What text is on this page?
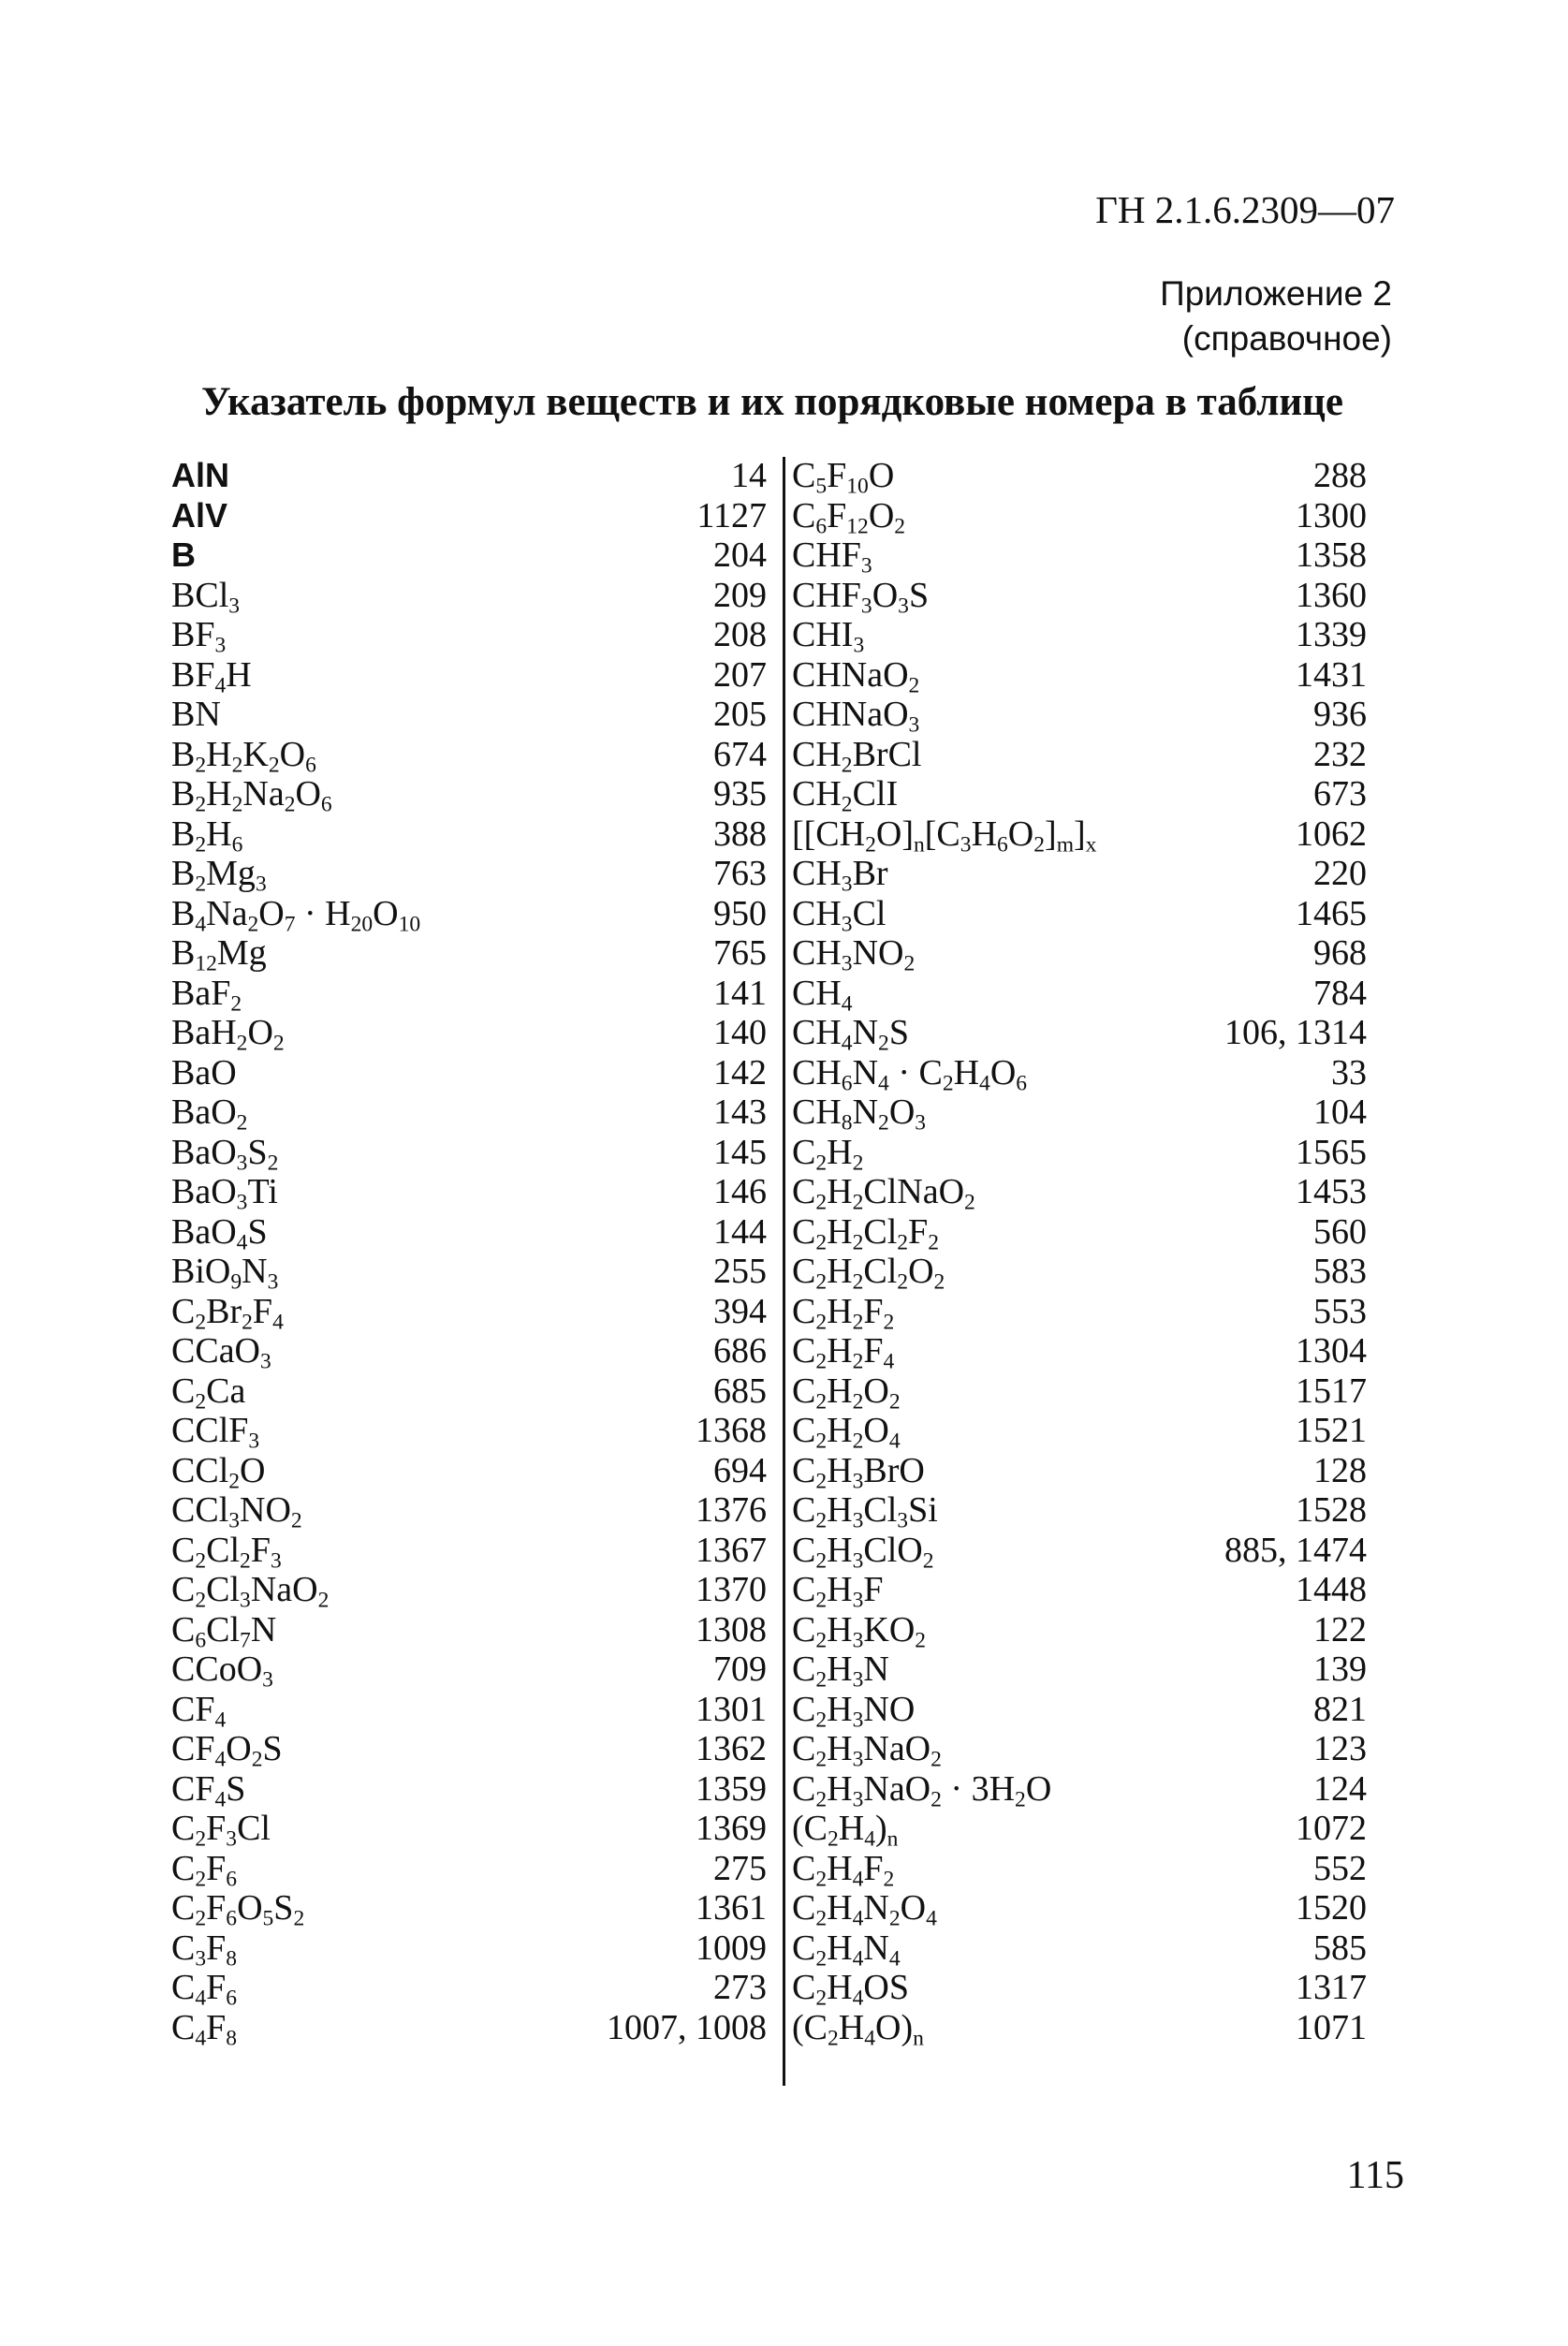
ГН 2.1.6.2309—07
Приложение 2
(справочное)
Указатель формул веществ и их порядковые номера в таблице
AlN	14
AlV	1127
B	204
BCl$_3$	209
$BF_3$	208
$BF_4H$	207
BN	205
$B_2H_2K_2O_6$	674
$B_2H_2Na_2O_6$	935
$B_2H_6$	388
$B_2Mg_3$	763
$B_4Na_2O_7 \cdot H_{20}O_{10}$	950
$B_{12}Mg$	765
BaF$_2$	141
$BaH_2O_2$	140
BaO	142
BaO$_2$	143
$BaO_3S_2$	145
BaO$_3$Ti	146
BaO$_4$S	144
$BiO_9N_3$	255
$C_2Br_2F_4$	394
CCaO$_3$	686
$C_2Ca$	685
CClF$_3$	1368
CCl$_2$O	694
$CCl_3NO_2$	1376
$C_2Cl_2F_3$	1367
$C_2Cl_3NaO_2$	1370
$C_6Cl_7N$	1308
CCoO$_3$	709
$CF_4$	1301
$CF_4O_2S$	1362
$CF_4S$	1359
$C_2F_3Cl$	1369
$C_2F_6$	275
$C_2F_6O_5S_2$	1361
$C_3F_8$	1009
$C_4F_6$	273
$C_4F_8$	1007, 1008
$C_5F_{10}O$	288
$C_6F_{12}O_2$	1300
$CHF_3$	1358
$CHF_3O_3S$	1360
$CHI_3$	1339
CHNaO$_2$	1431
CHNaO$_3$	936
$CH_2BrCl$	232
$CH_2ClI$	673
$[[CH_2O]_n[C_3H_6O_2]_m]_x$	1062
$CH_3Br$	220
$CH_3Cl$	1465
$CH_3NO_2$	968
$CH_4$	784
$CH_4N_2S$	106, 1314
$CH_6N_4 \cdot C_2H_4O_6$	33
$CH_8N_2O_3$	104
$C_2H_2$	1565
$C_2H_2ClNaO_2$	1453
$C_2H_2Cl_2F_2$	560
$C_2H_2Cl_2O_2$	583
$C_2H_2F_2$	553
$C_2H_2F_4$	1304
$C_2H_2O_2$	1517
$C_2H_2O_4$	1521
$C_2H_3BrO$	128
$C_2H_3Cl_3Si$	1528
$C_2H_3ClO_2$	885, 1474
$C_2H_3F$	1448
$C_2H_3KO_2$	122
$C_2H_3N$	139
$C_2H_3NO$	821
$C_2H_3NaO_2$	123
$C_2H_3NaO_2 \cdot 3H_2O$	124
$(C_2H_4)_n$	1072
$C_2H_4F_2$	552
$C_2H_4N_2O_4$	1520
$C_2H_4N_4$	585
$C_2H_4OS$	1317
$(C_2H_4O)_n$	1071
115
